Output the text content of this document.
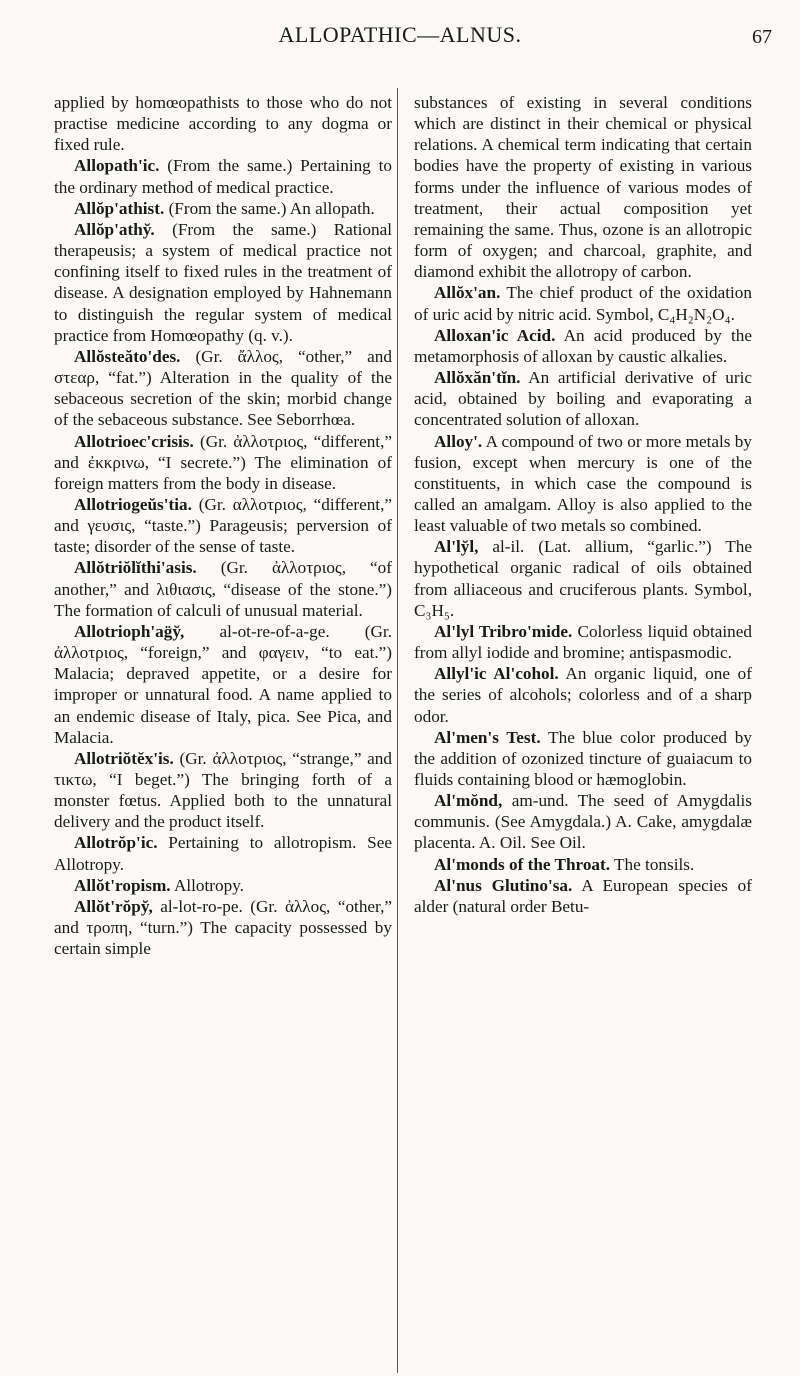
ALLOPATHIC—ALNUS.	67

applied by homœopathists to those who do not practise medicine according to any dogma or fixed rule.

Allopath'ic. (From the same.) Pertaining to the ordinary method of medical practice.

Allŏp'athist. (From the same.) An allopath.

Allŏp'athy̆. (From the same.) Rational therapeusis; a system of medical practice not confining itself to fixed rules in the treatment of disease. A designation employed by Hahnemann to distinguish the regular system of medical practice from Homœopathy (q. v.).

Allŏsteăto'des. (Gr. ἄλλος, “other,” and στεαρ, “fat.”) Alteration in the quality of the sebaceous secretion of the skin; morbid change of the sebaceous substance. See Seborrhœa.

Allotrioec'crisis. (Gr. ἀλλοτριος, “different,” and ἐκκρινω, “I secrete.”) The elimination of foreign matters from the body in disease.

Allotriogeŭs'tia. (Gr. αλλοτριος, “different,” and γευσις, “taste.”) Parageusis; perversion of taste; disorder of the sense of taste.

Allŏtriŏlĭthi'asis. (Gr. ἀλλοτριος, “of another,” and λιθιασις, “disease of the stone.”) The formation of calculi of unusual material.

Allotrioph'ag̈y̆, al-ot-re-of-a-ge. (Gr. ἀλλοτριος, “foreign,” and φαγειν, “to eat.”) Malacia; depraved appetite, or a desire for improper or unnatural food. A name applied to an endemic disease of Italy, pica. See Pica, and Malacia.

Allotriŏtĕx'is. (Gr. ἀλλοτριος, “strange,” and τικτω, “I beget.”) The bringing forth of a monster fœtus. Applied both to the unnatural delivery and the product itself.

Allotrŏp'ic. Pertaining to allotropism. See Allotropy.

Allŏt'ropism. Allotropy.

Allŏt'rŏpy̆, al-lot-ro-pe. (Gr. ἀλλος, “other,” and τροπη, “turn.”) The capacity possessed by certain simple

substances of existing in several conditions which are distinct in their chemical or physical relations. A chemical term indicating that certain bodies have the property of existing in various forms under the influence of various modes of treatment, their actual composition yet remaining the same. Thus, ozone is an allotropic form of oxygen; and charcoal, graphite, and diamond exhibit the allotropy of carbon.

Allŏx'an. The chief product of the oxidation of uric acid by nitric acid. Symbol, C₄H₂N₂O₄.

Alloxan'ic Acid. An acid produced by the metamorphosis of alloxan by caustic alkalies.

Allŏxăn'tĭn. An artificial derivative of uric acid, obtained by boiling and evaporating a concentrated solution of alloxan.

Alloy'. A compound of two or more metals by fusion, except when mercury is one of the constituents, in which case the compound is called an amalgam. Alloy is also applied to the least valuable of two metals so combined.

Al'ly̆l, al-il. (Lat. allium, “garlic.”) The hypothetical organic radical of oils obtained from alliaceous and cruciferous plants. Symbol, C₃H₅.

Al'lyl Tribro'mide. Colorless liquid obtained from allyl iodide and bromine; antispasmodic.

Allyl'ic Al'cohol. An organic liquid, one of the series of alcohols; colorless and of a sharp odor.

Al'men's Test. The blue color produced by the addition of ozonized tincture of guaiacum to fluids containing blood or hæmoglobin.

Al'mŏnd, am-und. The seed of Amygdalis communis. (See Amygdala.) A. Cake, amygdalæ placenta. A. Oil. See Oil.

Al'monds of the Throat. The tonsils.

Al'nus Glutino'sa. A European species of alder (natural order Betu-
